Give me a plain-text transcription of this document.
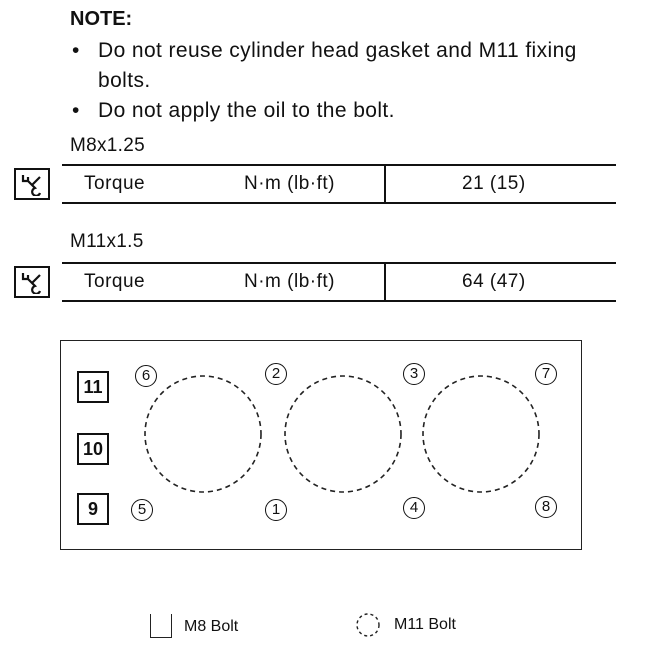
NOTE:

• Do not reuse cylinder head gasket and M11 fixing bolts.

• Do not apply the oil to the bolt.

M8x1.25
Torque	N·m (lb·ft)	21 (15)
M11x1.5
Torque	N·m (lb·ft)	64 (47)
11
10
9
6	2	3	7
5	1	4	8
M8 Bolt	M11 Bolt
